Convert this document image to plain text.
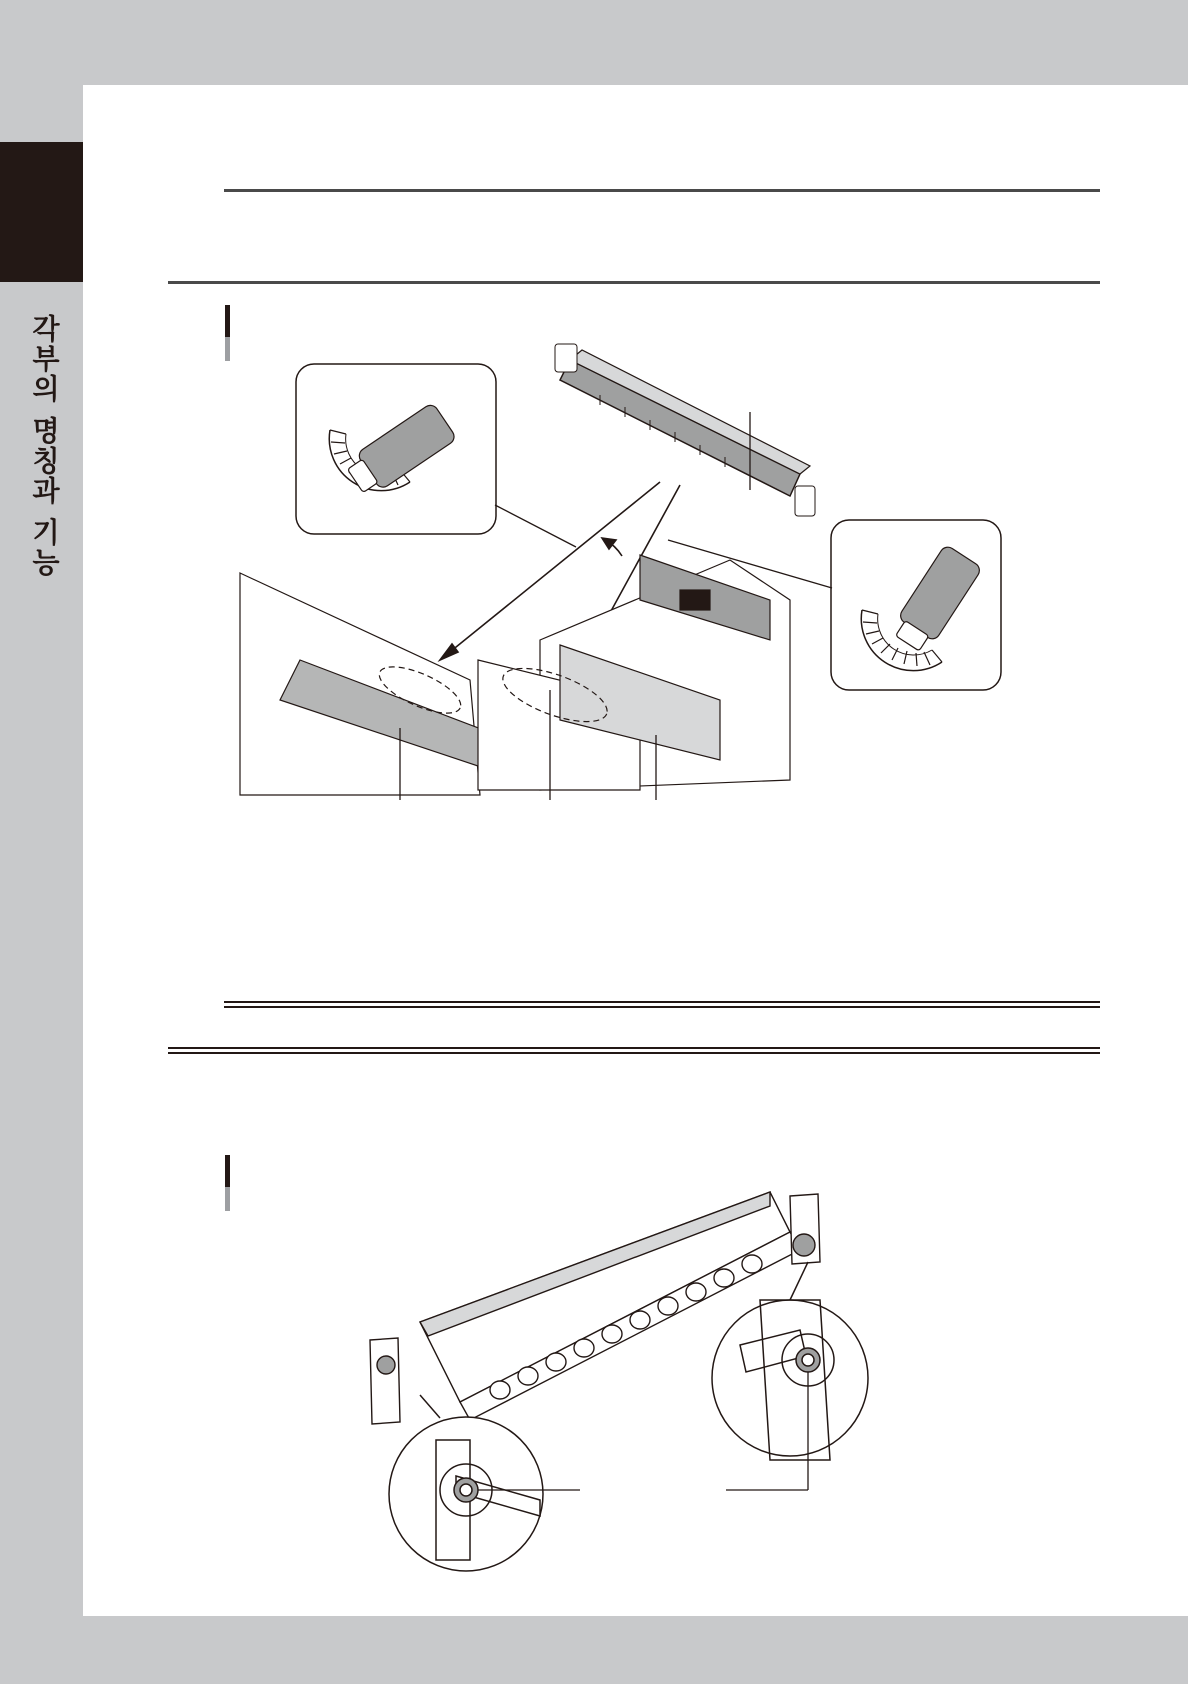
각부의 명칭과 기능
